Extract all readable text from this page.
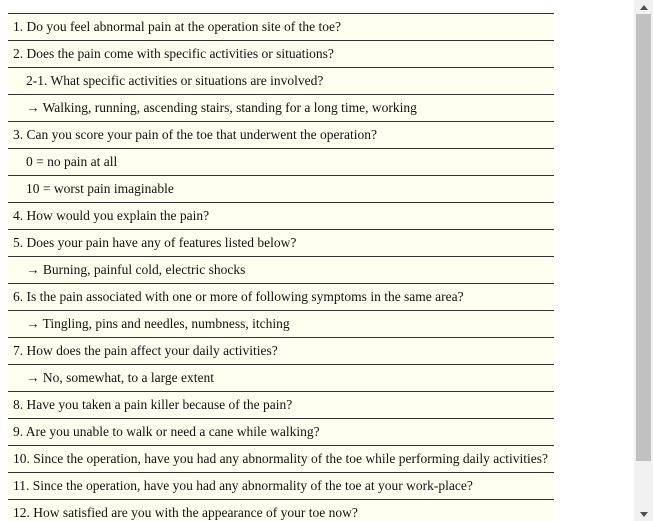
1. Do you feel abnormal pain at the operation site of the toe?
2. Does the pain come with specific activities or situations?
2-1. What specific activities or situations are involved?
→ Walking, running, ascending stairs, standing for a long time, working
3. Can you score your pain of the toe that underwent the operation?
0 = no pain at all
10 = worst pain imaginable
4. How would you explain the pain?
5. Does your pain have any of features listed below?
→ Burning, painful cold, electric shocks
6. Is the pain associated with one or more of following symptoms in the same area?
→ Tingling, pins and needles, numbness, itching
7. How does the pain affect your daily activities?
→ No, somewhat, to a large extent
8. Have you taken a pain killer because of the pain?
9. Are you unable to walk or need a cane while walking?
10. Since the operation, have you had any abnormality of the toe while performing daily activities?
11. Since the operation, have you had any abnormality of the toe at your work-place?
12. How satisfied are you with the appearance of your toe now?
